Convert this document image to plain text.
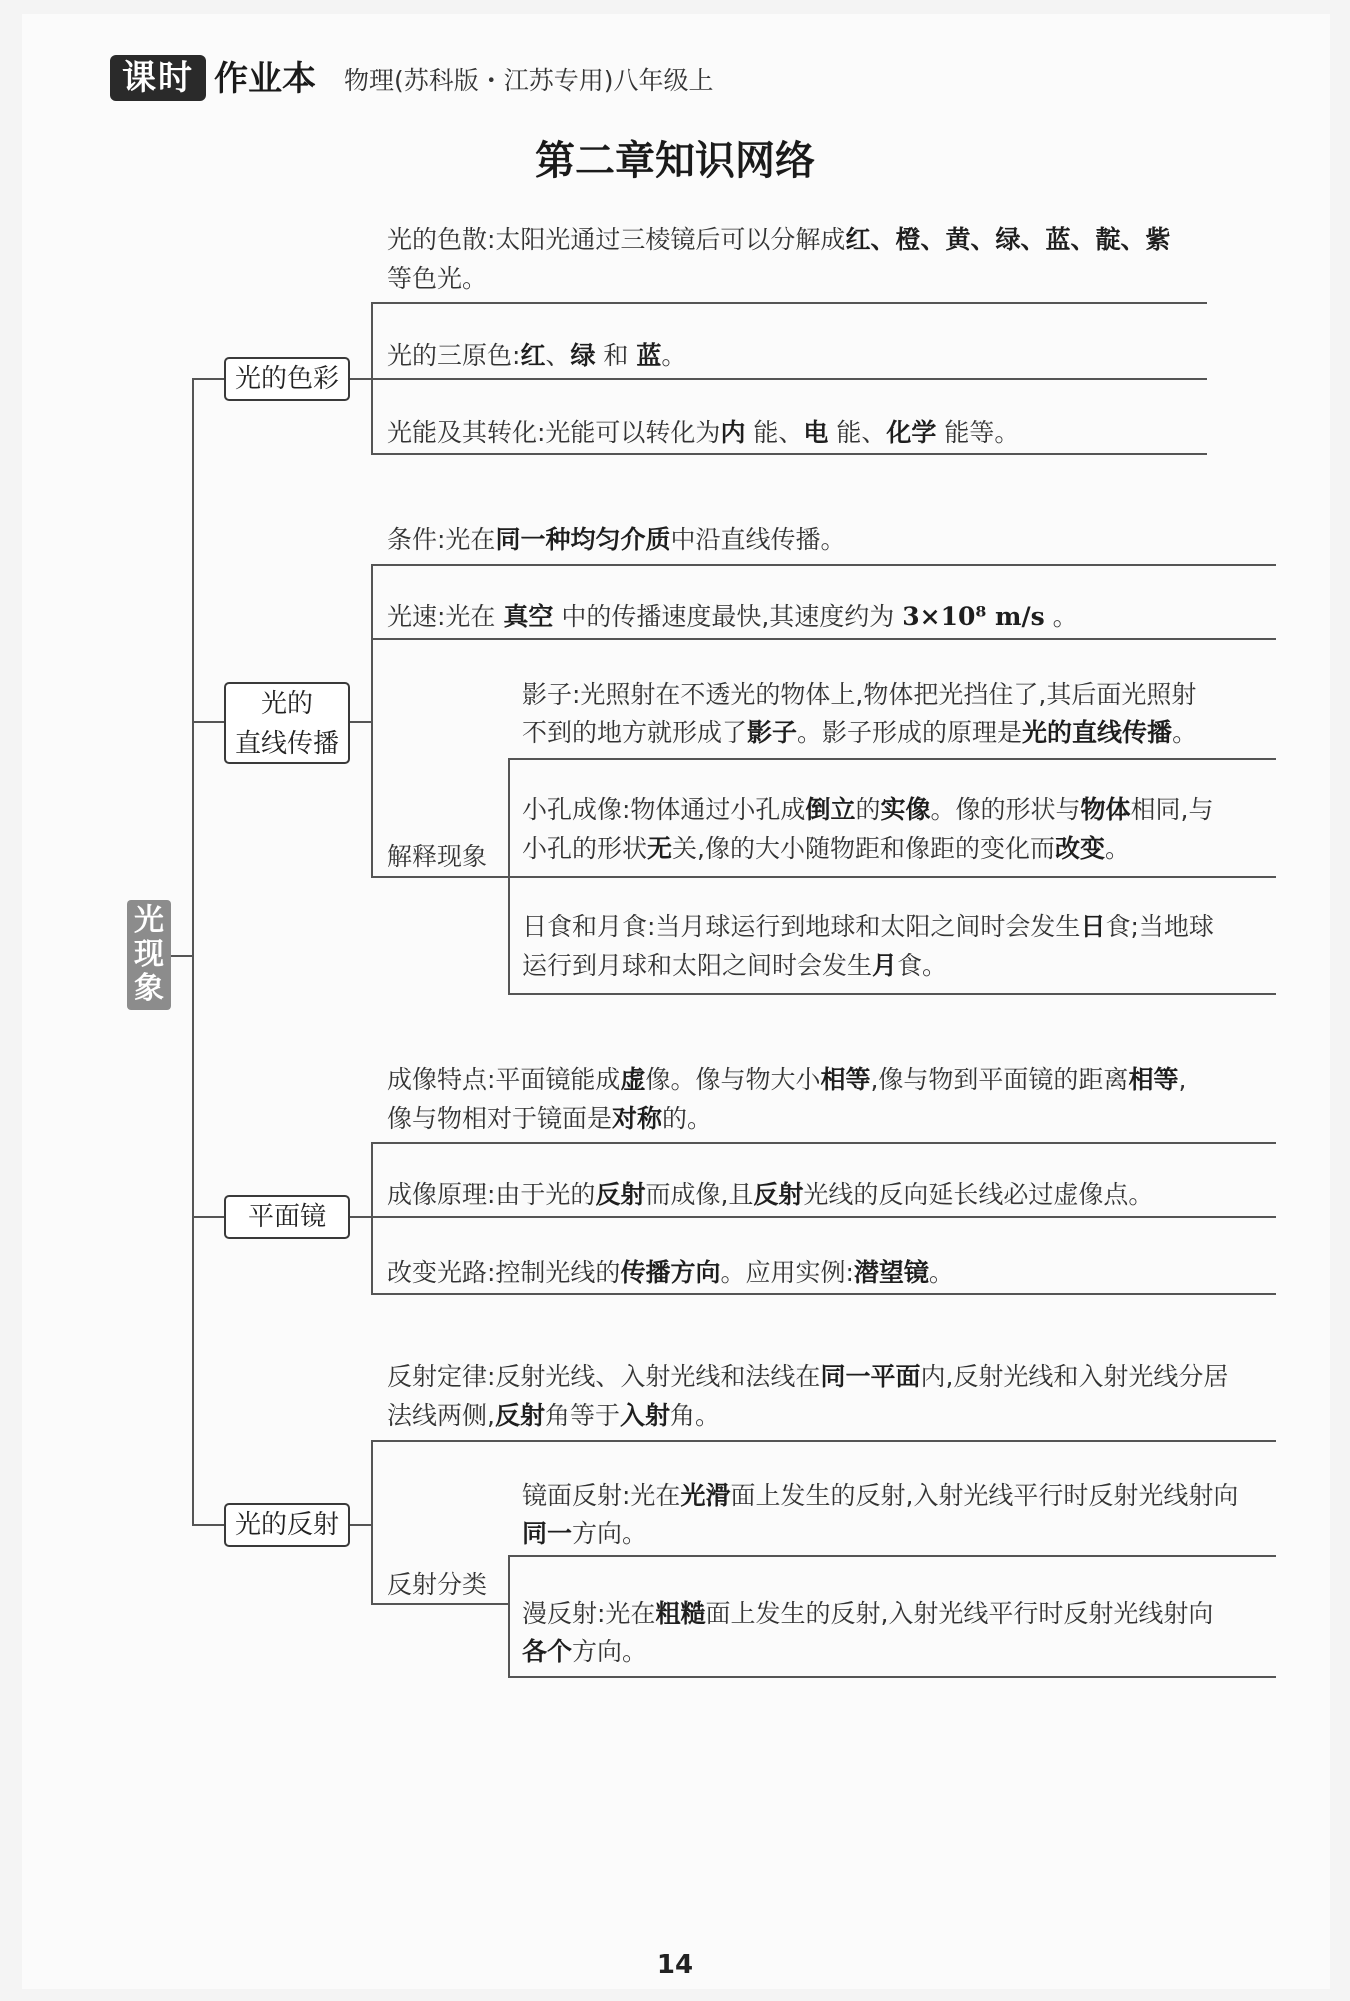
课时 作业本 物理(苏科版・江苏专用)八年级上
第二章知识网络
光现象
光的色彩
光的色散:太阳光通过三棱镜后可以分解成红、橙、黄、绿、蓝、靛、紫
等色光。
光的三原色:红、绿 和 蓝。
光能及其转化:光能可以转化为内 能、电 能、化学 能等。
光的
直线传播
条件:光在同一种均匀介质中沿直线传播。
光速:光在 真空 中的传播速度最快,其速度约为 3×10⁸ m/s 。
解释现象
影子:光照射在不透光的物体上,物体把光挡住了,其后面光照射
不到的地方就形成了影子。影子形成的原理是光的直线传播。
小孔成像:物体通过小孔成倒立的实像。像的形状与物体相同,与
小孔的形状无关,像的大小随物距和像距的变化而改变。
日食和月食:当月球运行到地球和太阳之间时会发生日食;当地球
运行到月球和太阳之间时会发生月食。
平面镜
成像特点:平面镜能成虚像。像与物大小相等,像与物到平面镜的距离相等,
像与物相对于镜面是对称的。
成像原理:由于光的反射而成像,且反射光线的反向延长线必过虚像点。
改变光路:控制光线的传播方向。应用实例:潜望镜。
光的反射
反射定律:反射光线、入射光线和法线在同一平面内,反射光线和入射光线分居
法线两侧,反射角等于入射角。
反射分类
镜面反射:光在光滑面上发生的反射,入射光线平行时反射光线射向
同一方向。
漫反射:光在粗糙面上发生的反射,入射光线平行时反射光线射向
各个方向。
14
